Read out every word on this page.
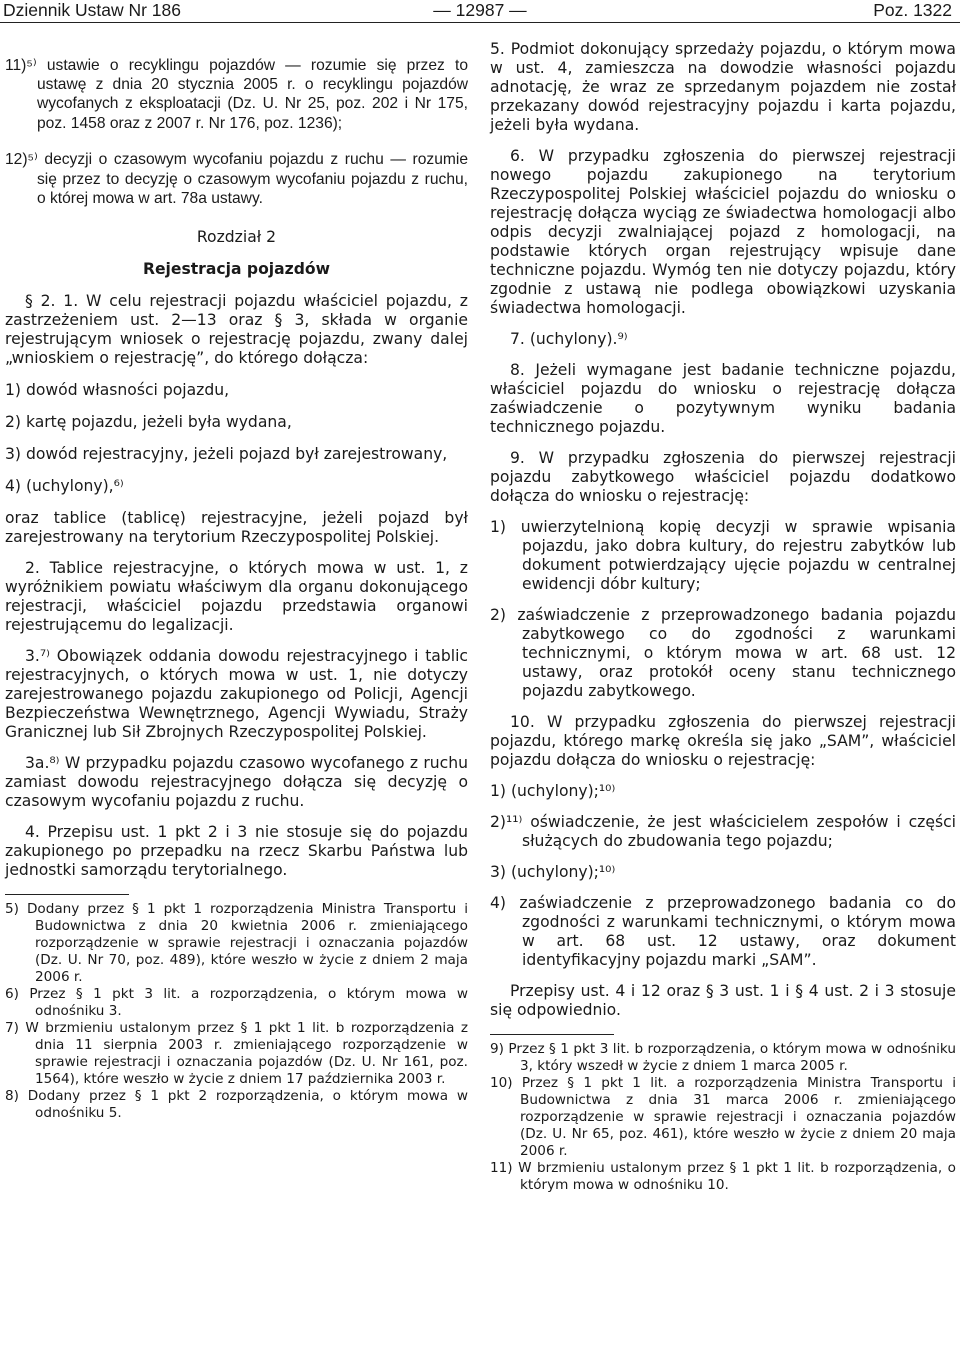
Dziennik Ustaw Nr 186	— 12987 —	Poz. 1322

11)⁵⁾ ustawie o recyklingu pojazdów — rozumie się przez to ustawę z dnia 20 stycznia 2005 r. o recyklingu pojazdów wycofanych z eksploatacji (Dz. U. Nr 25, poz. 202 i Nr 175, poz. 1458 oraz z 2007 r. Nr 176, poz. 1236);

12)⁵⁾ decyzji o czasowym wycofaniu pojazdu z ruchu — rozumie się przez to decyzję o czasowym wycofaniu pojazdu z ruchu, o której mowa w art. 78a ustawy.

Rozdział 2

Rejestracja pojazdów

§ 2. 1. W celu rejestracji pojazdu właściciel pojazdu, z zastrzeżeniem ust. 2—13 oraz § 3, składa w organie rejestrującym wniosek o rejestrację pojazdu, zwany dalej „wnioskiem o rejestrację”, do którego dołącza:

1) dowód własności pojazdu,

2) kartę pojazdu, jeżeli była wydana,

3) dowód rejestracyjny, jeżeli pojazd był zarejestrowany,

4) (uchylony),⁶⁾

oraz tablice (tablicę) rejestracyjne, jeżeli pojazd był zarejestrowany na terytorium Rzeczypospolitej Polskiej.

2. Tablice rejestracyjne, o których mowa w ust. 1, z wyróżnikiem powiatu właściwym dla organu dokonującego rejestracji, właściciel pojazdu przedstawia organowi rejestrującemu do legalizacji.

3.⁷⁾ Obowiązek oddania dowodu rejestracyjnego i tablic rejestracyjnych, o których mowa w ust. 1, nie dotyczy zarejestrowanego pojazdu zakupionego od Policji, Agencji Bezpieczeństwa Wewnętrznego, Agencji Wywiadu, Straży Granicznej lub Sił Zbrojnych Rzeczypospolitej Polskiej.

3a.⁸⁾ W przypadku pojazdu czasowo wycofanego z ruchu zamiast dowodu rejestracyjnego dołącza się decyzję o czasowym wycofaniu pojazdu z ruchu.

4. Przepisu ust. 1 pkt 2 i 3 nie stosuje się do pojazdu zakupionego po przepadku na rzecz Skarbu Państwa lub jednostki samorządu terytorialnego.

5) Dodany przez § 1 pkt 1 rozporządzenia Ministra Transportu i Budownictwa z dnia 20 kwietnia 2006 r. zmieniającego rozporządzenie w sprawie rejestracji i oznaczania pojazdów (Dz. U. Nr 70, poz. 489), które weszło w życie z dniem 2 maja 2006 r.

6) Przez § 1 pkt 3 lit. a rozporządzenia, o którym mowa w odnośniku 3.

7) W brzmieniu ustalonym przez § 1 pkt 1 lit. b rozporządzenia z dnia 11 sierpnia 2003 r. zmieniającego rozporządzenie w sprawie rejestracji i oznaczania pojazdów (Dz. U. Nr 161, poz. 1564), które weszło w życie z dniem 17 października 2003 r.

8) Dodany przez § 1 pkt 2 rozporządzenia, o którym mowa w odnośniku 5.

5. Podmiot dokonujący sprzedaży pojazdu, o którym mowa w ust. 4, zamieszcza na dowodzie własności pojazdu adnotację, że wraz ze sprzedanym pojazdem nie został przekazany dowód rejestracyjny pojazdu i karta pojazdu, jeżeli była wydana.

6. W przypadku zgłoszenia do pierwszej rejestracji nowego pojazdu zakupionego na terytorium Rzeczypospolitej Polskiej właściciel pojazdu do wniosku o rejestrację dołącza wyciąg ze świadectwa homologacji albo odpis decyzji zwalniającej pojazd z homologacji, na podstawie których organ rejestrujący wpisuje dane techniczne pojazdu. Wymóg ten nie dotyczy pojazdu, który zgodnie z ustawą nie podlega obowiązkowi uzyskania świadectwa homologacji.

7. (uchylony).⁹⁾

8. Jeżeli wymagane jest badanie techniczne pojazdu, właściciel pojazdu do wniosku o rejestrację dołącza zaświadczenie o pozytywnym wyniku badania technicznego pojazdu.

9. W przypadku zgłoszenia do pierwszej rejestracji pojazdu zabytkowego właściciel pojazdu dodatkowo dołącza do wniosku o rejestrację:

1) uwierzytelnioną kopię decyzji w sprawie wpisania pojazdu, jako dobra kultury, do rejestru zabytków lub dokument potwierdzający ujęcie pojazdu w centralnej ewidencji dóbr kultury;

2) zaświadczenie z przeprowadzonego badania pojazdu zabytkowego co do zgodności z warunkami technicznymi, o którym mowa w art. 68 ust. 12 ustawy, oraz protokół oceny stanu technicznego pojazdu zabytkowego.

10. W przypadku zgłoszenia do pierwszej rejestracji pojazdu, którego markę określa się jako „SAM”, właściciel pojazdu dołącza do wniosku o rejestrację:

1) (uchylony);¹⁰⁾

2)¹¹⁾ oświadczenie, że jest właścicielem zespołów i części służących do zbudowania tego pojazdu;

3) (uchylony);¹⁰⁾

4) zaświadczenie z przeprowadzonego badania co do zgodności z warunkami technicznymi, o którym mowa w art. 68 ust. 12 ustawy, oraz dokument identyfikacyjny pojazdu marki „SAM”.

Przepisy ust. 4 i 12 oraz § 3 ust. 1 i § 4 ust. 2 i 3 stosuje się odpowiednio.

9) Przez § 1 pkt 3 lit. b rozporządzenia, o którym mowa w odnośniku 3, który wszedł w życie z dniem 1 marca 2005 r.

10) Przez § 1 pkt 1 lit. a rozporządzenia Ministra Transportu i Budownictwa z dnia 31 marca 2006 r. zmieniającego rozporządzenie w sprawie rejestracji i oznaczania pojazdów (Dz. U. Nr 65, poz. 461), które weszło w życie z dniem 20 maja 2006 r.

11) W brzmieniu ustalonym przez § 1 pkt 1 lit. b rozporządzenia, o którym mowa w odnośniku 10.
